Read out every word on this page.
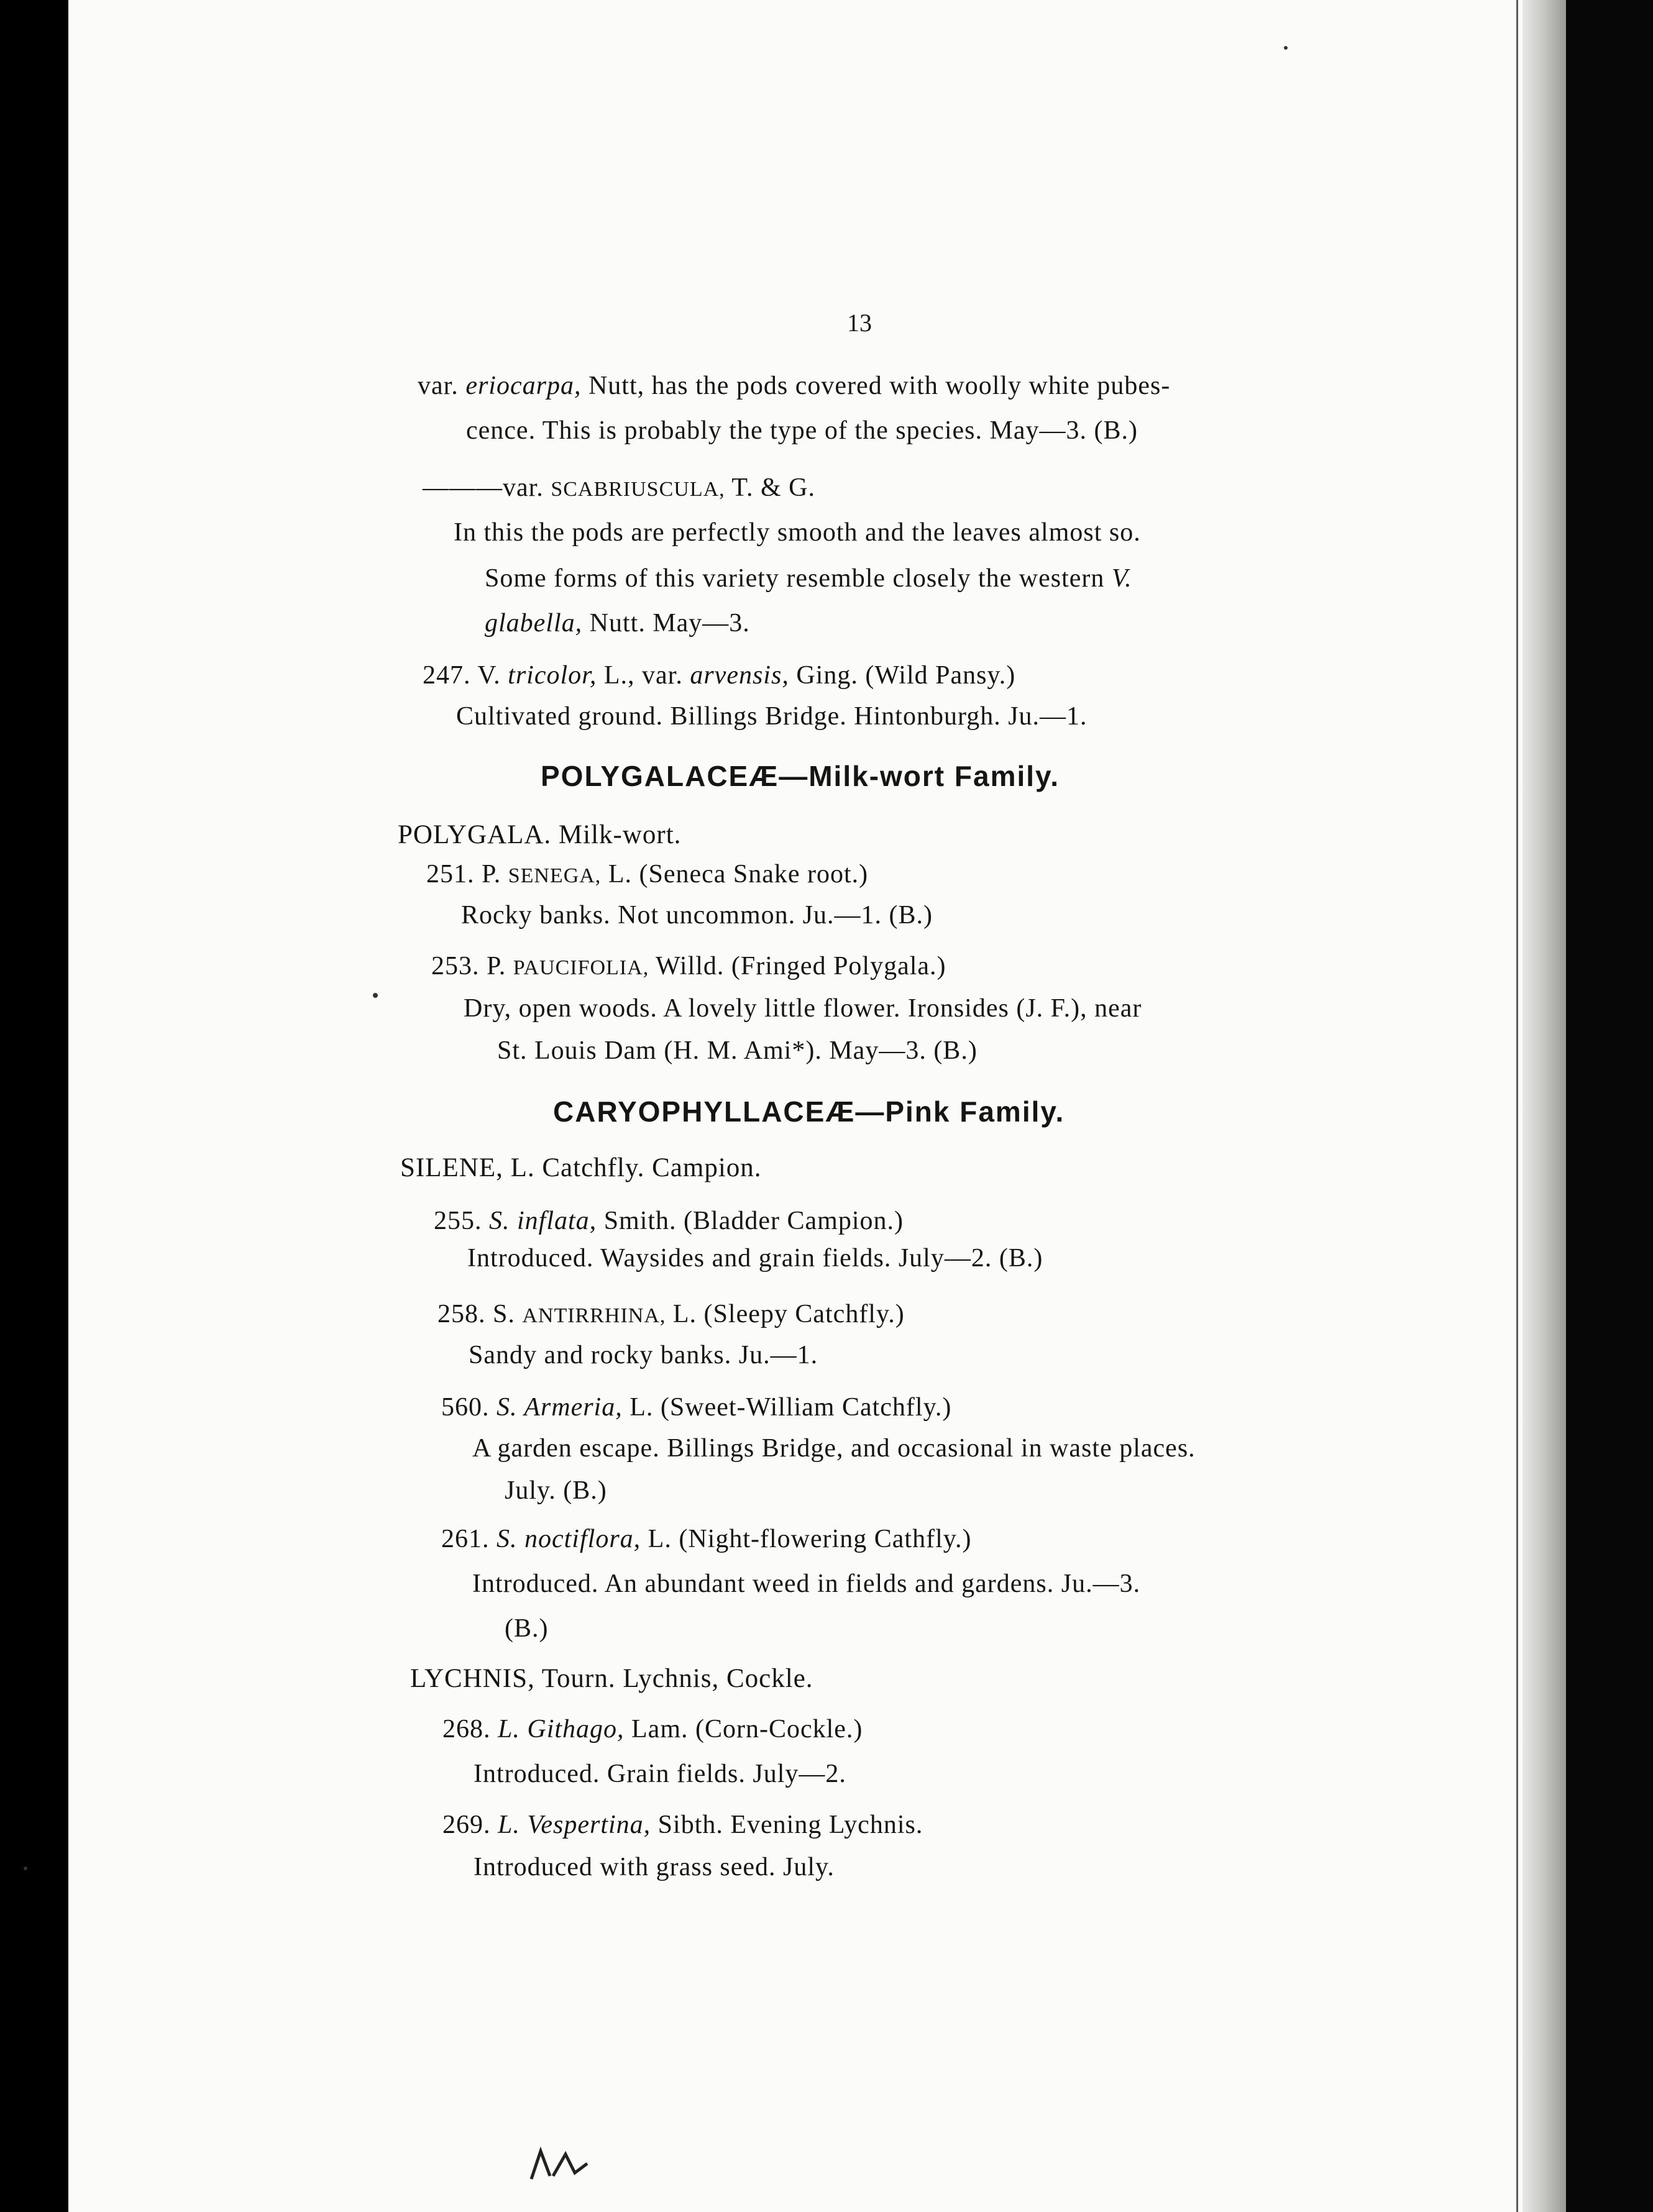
13
var. eriocarpa, Nutt, has the pods covered with woolly white pubes-
cence. This is probably the type of the species. May—3. (B.)
———var. SCABRIUSCULA, T. & G.
In this the pods are perfectly smooth and the leaves almost so.
Some forms of this variety resemble closely the western V.
glabella, Nutt. May—3.
247. V. tricolor, L., var. arvensis, Ging. (Wild Pansy.)
Cultivated ground. Billings Bridge. Hintonburgh. Ju.—1.
POLYGALACEÆ—Milk-wort Family.
POLYGALA. Milk-wort.
251. P. SENEGA, L. (Seneca Snake root.)
Rocky banks. Not uncommon. Ju.—1. (B.)
253. P. PAUCIFOLIA, Willd. (Fringed Polygala.)
Dry, open woods. A lovely little flower. Ironsides (J. F.), near
St. Louis Dam (H. M. Ami*). May—3. (B.)
CARYOPHYLLACEÆ—Pink Family.
SILENE, L. Catchfly. Campion.
255. S. inflata, Smith. (Bladder Campion.)
Introduced. Waysides and grain fields. July—2. (B.)
258. S. ANTIRRHINA, L. (Sleepy Catchfly.)
Sandy and rocky banks. Ju.—1.
560. S. Armeria, L. (Sweet-William Catchfly.)
A garden escape. Billings Bridge, and occasional in waste places.
July. (B.)
261. S. noctiflora, L. (Night-flowering Cathfly.)
Introduced. An abundant weed in fields and gardens. Ju.—3.
(B.)
LYCHNIS, Tourn. Lychnis, Cockle.
268. L. Githago, Lam. (Corn-Cockle.)
Introduced. Grain fields. July—2.
269. L. Vespertina, Sibth. Evening Lychnis.
Introduced with grass seed. July.
